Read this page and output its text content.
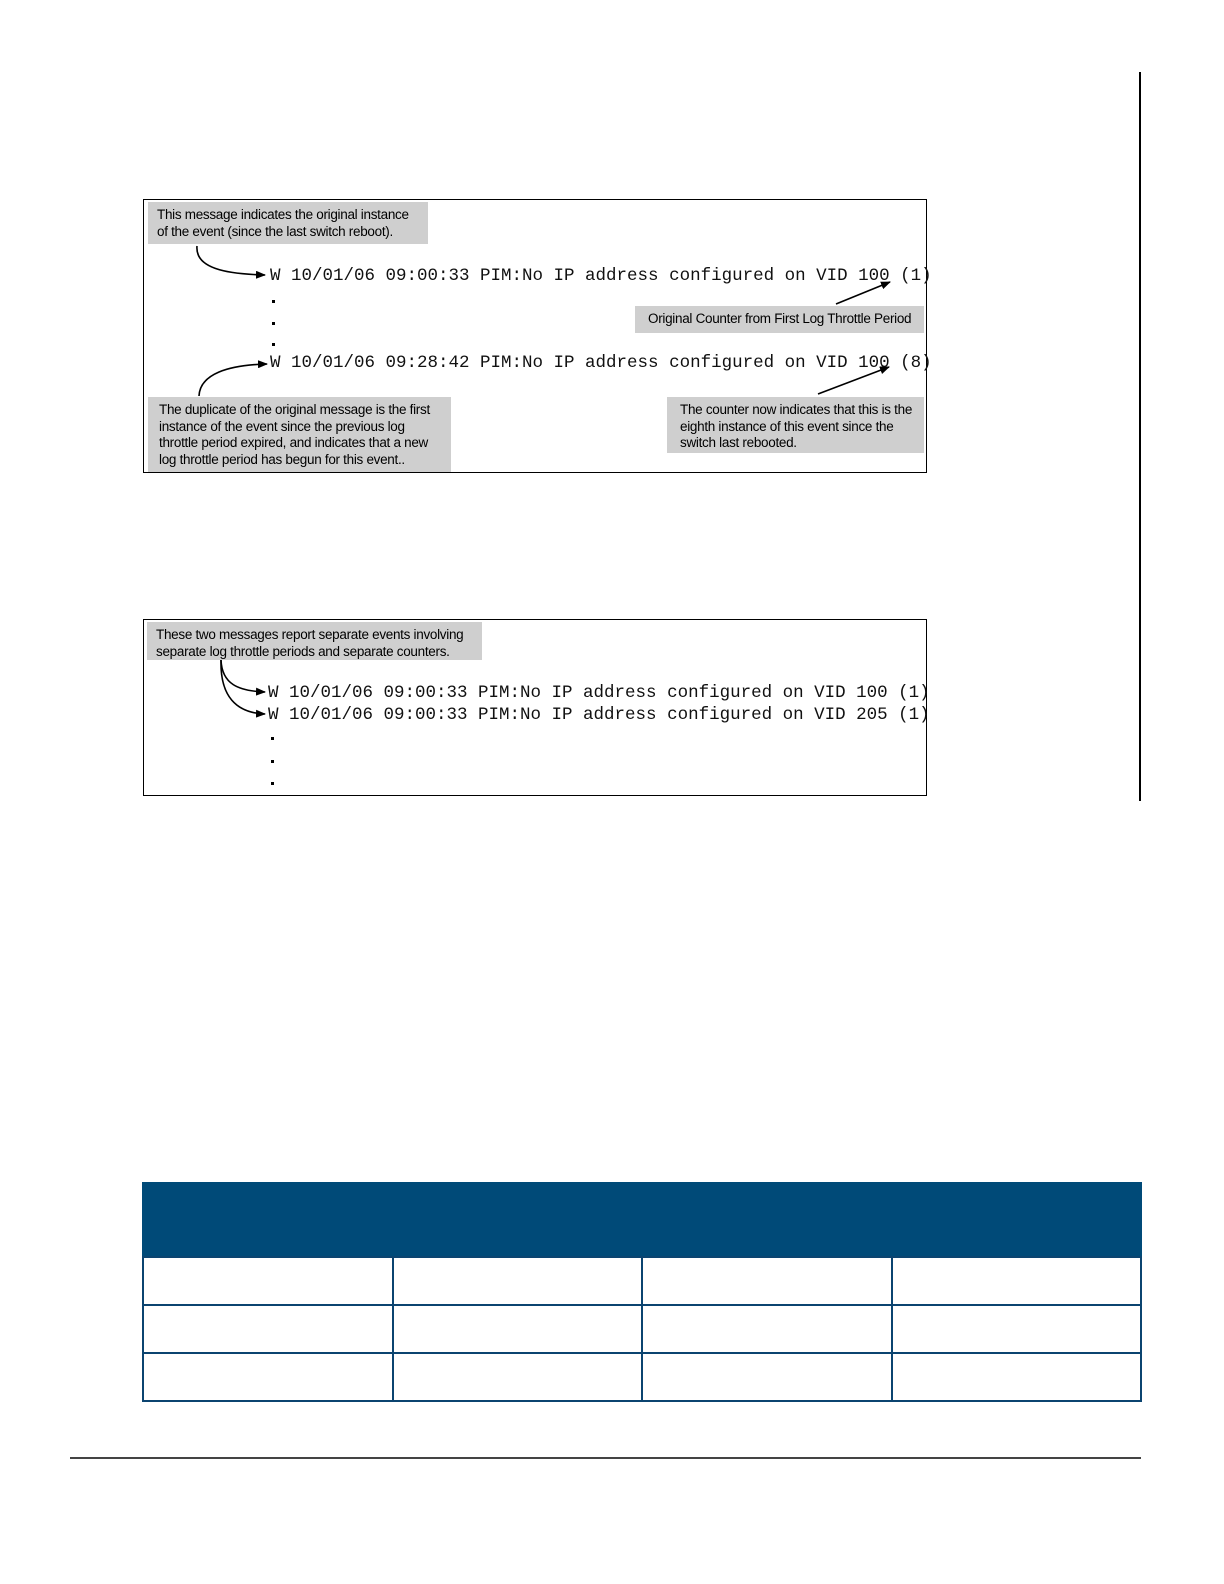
This message indicates the original instance
of the event (since the last switch reboot).
W 10/01/06 09:00:33 PIM:No IP address configured on VID 100 (1)
Original Counter from First Log Throttle Period
W 10/01/06 09:28:42 PIM:No IP address configured on VID 100 (8)
The duplicate of the original message is the first
instance of the event since the previous log
throttle period expired, and indicates that a new
log throttle period has begun for this event..
The counter now indicates that this is the
eighth instance of this event since the
switch last rebooted.
These two messages report separate events involving
separate log throttle periods and separate counters.
W 10/01/06 09:00:33 PIM:No IP address configured on VID 100 (1)
W 10/01/06 09:00:33 PIM:No IP address configured on VID 205 (1)
